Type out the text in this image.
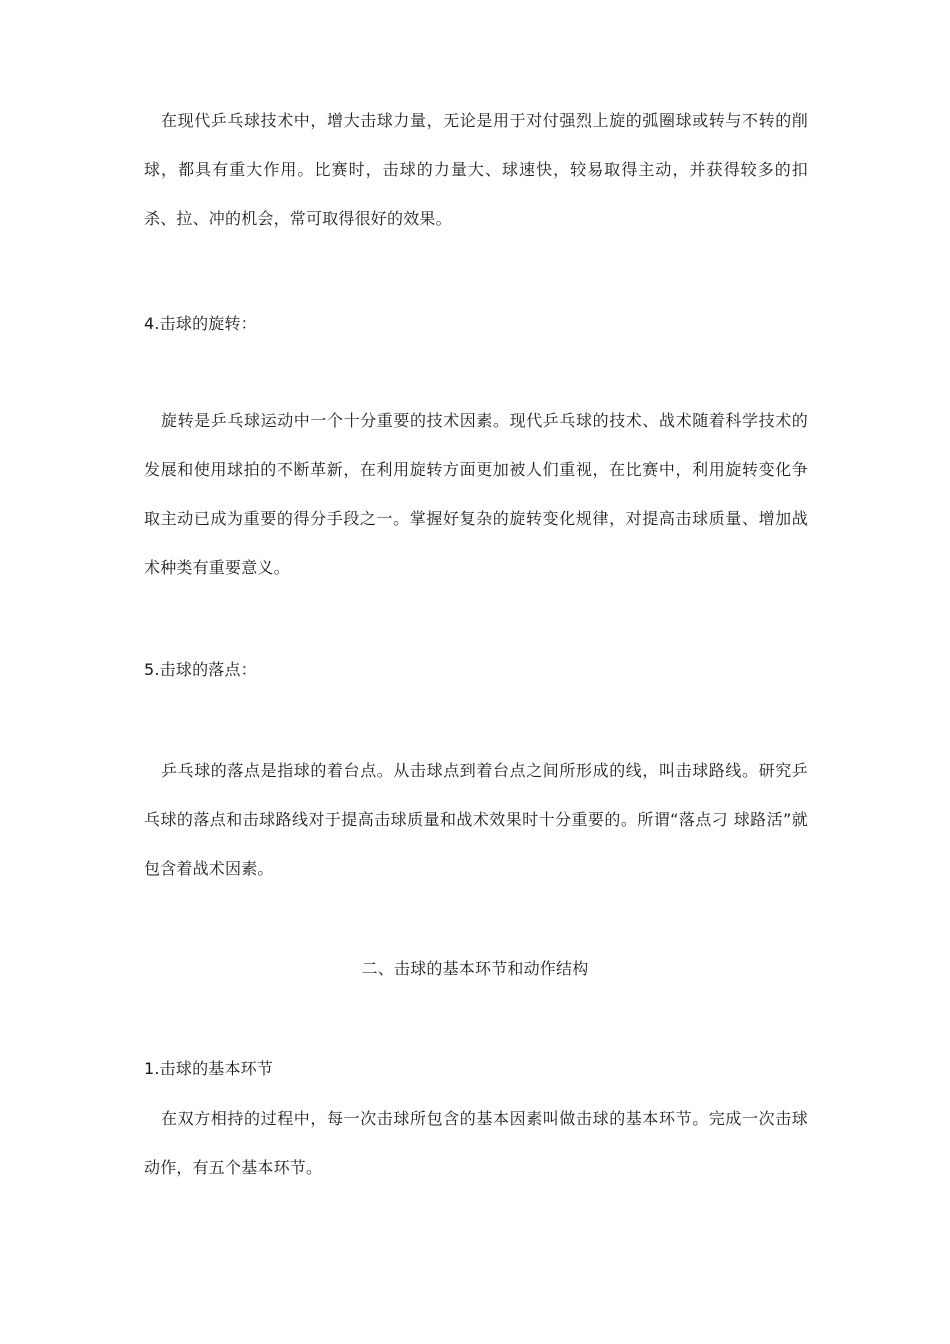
在现代乒乓球技术中，增大击球力量，无论是用于对付强烈上旋的弧圈球或转与不转的削球，都具有重大作用。比赛时，击球的力量大、球速快，较易取得主动，并获得较多的扣杀、拉、冲的机会，常可取得很好的效果。

4.击球的旋转：

旋转是乒乓球运动中一个十分重要的技术因素。现代乒乓球的技术、战术随着科学技术的发展和使用球拍的不断革新，在利用旋转方面更加被人们重视，在比赛中，利用旋转变化争取主动已成为重要的得分手段之一。掌握好复杂的旋转变化规律，对提高击球质量、增加战术种类有重要意义。

5.击球的落点：

乒乓球的落点是指球的着台点。从击球点到着台点之间所形成的线，叫击球路线。研究乒乓球的落点和击球路线对于提高击球质量和战术效果时十分重要的。所谓“落点刁 球路活”就包含着战术因素。

二、击球的基本环节和动作结构

1.击球的基本环节

在双方相持的过程中，每一次击球所包含的基本因素叫做击球的基本环节。完成一次击球动作，有五个基本环节。
